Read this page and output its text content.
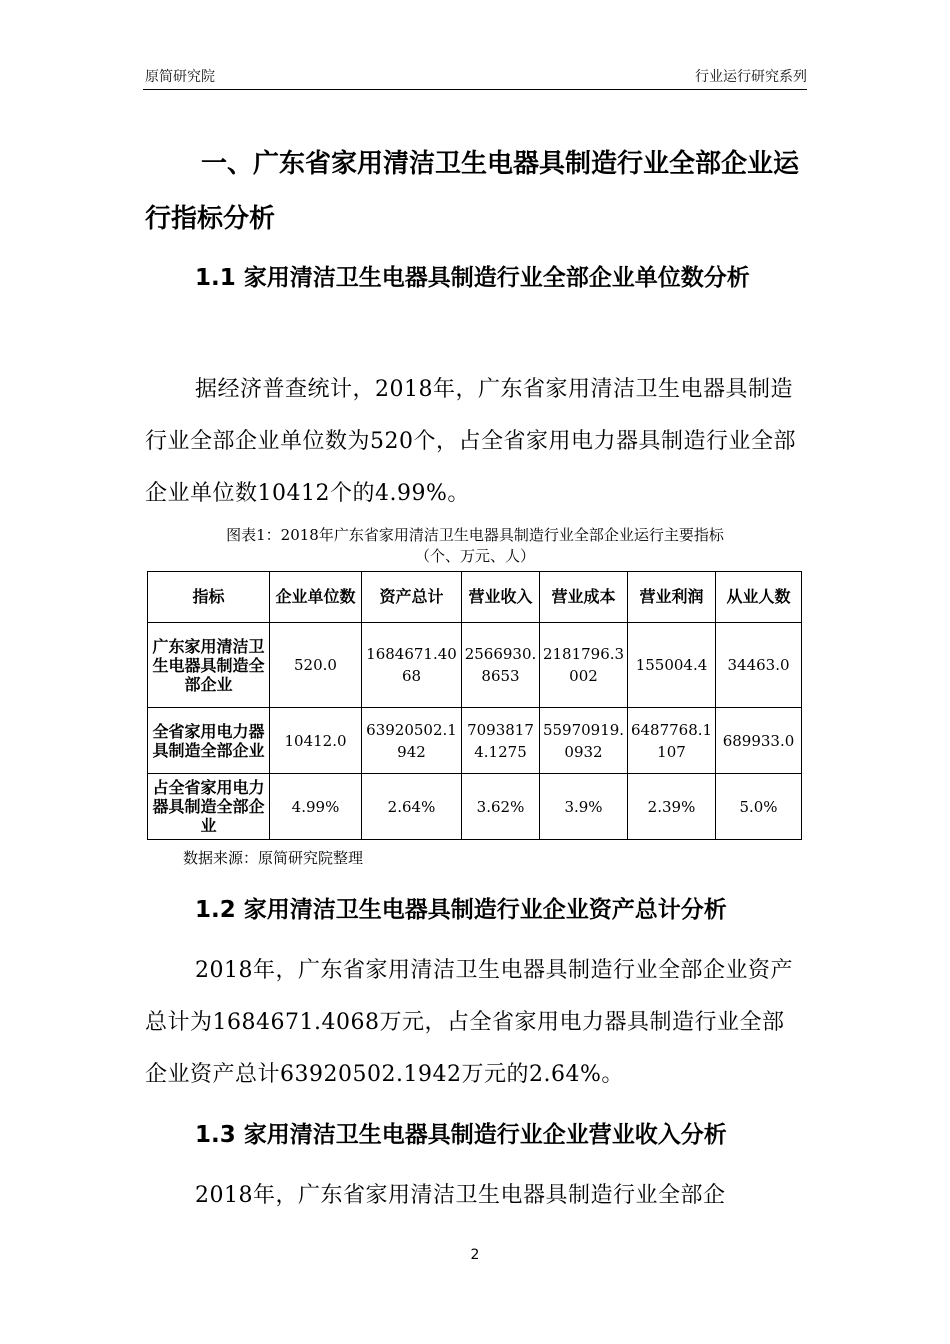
原简研究院	行业运行研究系列
一、广东省家用清洁卫生电器具制造行业全部企业运行指标分析
1.1 家用清洁卫生电器具制造行业全部企业单位数分析
据经济普查统计，2018年，广东省家用清洁卫生电器具制造行业全部企业单位数为520个，占全省家用电力器具制造行业全部企业单位数10412个的4.99%。
图表1：2018年广东省家用清洁卫生电器具制造行业全部企业运行主要指标
（个、万元、人）
指标	企业单位数	资产总计	营业收入	营业成本	营业利润	从业人数
广东家用清洁卫生电器具制造全部企业	520.0	1684671.4068	2566930.8653	2181796.3002	155004.4	34463.0
全省家用电力器具制造全部企业	10412.0	63920502.1942	70938174.1275	55970919.0932	6487768.1107	689933.0
占全省家用电力器具制造全部企业	4.99%	2.64%	3.62%	3.9%	2.39%	5.0%
数据来源：原简研究院整理
1.2 家用清洁卫生电器具制造行业企业资产总计分析
2018年，广东省家用清洁卫生电器具制造行业全部企业资产总计为1684671.4068万元，占全省家用电力器具制造行业全部企业资产总计63920502.1942万元的2.64%。
1.3 家用清洁卫生电器具制造行业企业营业收入分析
2018年，广东省家用清洁卫生电器具制造行业全部企
2
